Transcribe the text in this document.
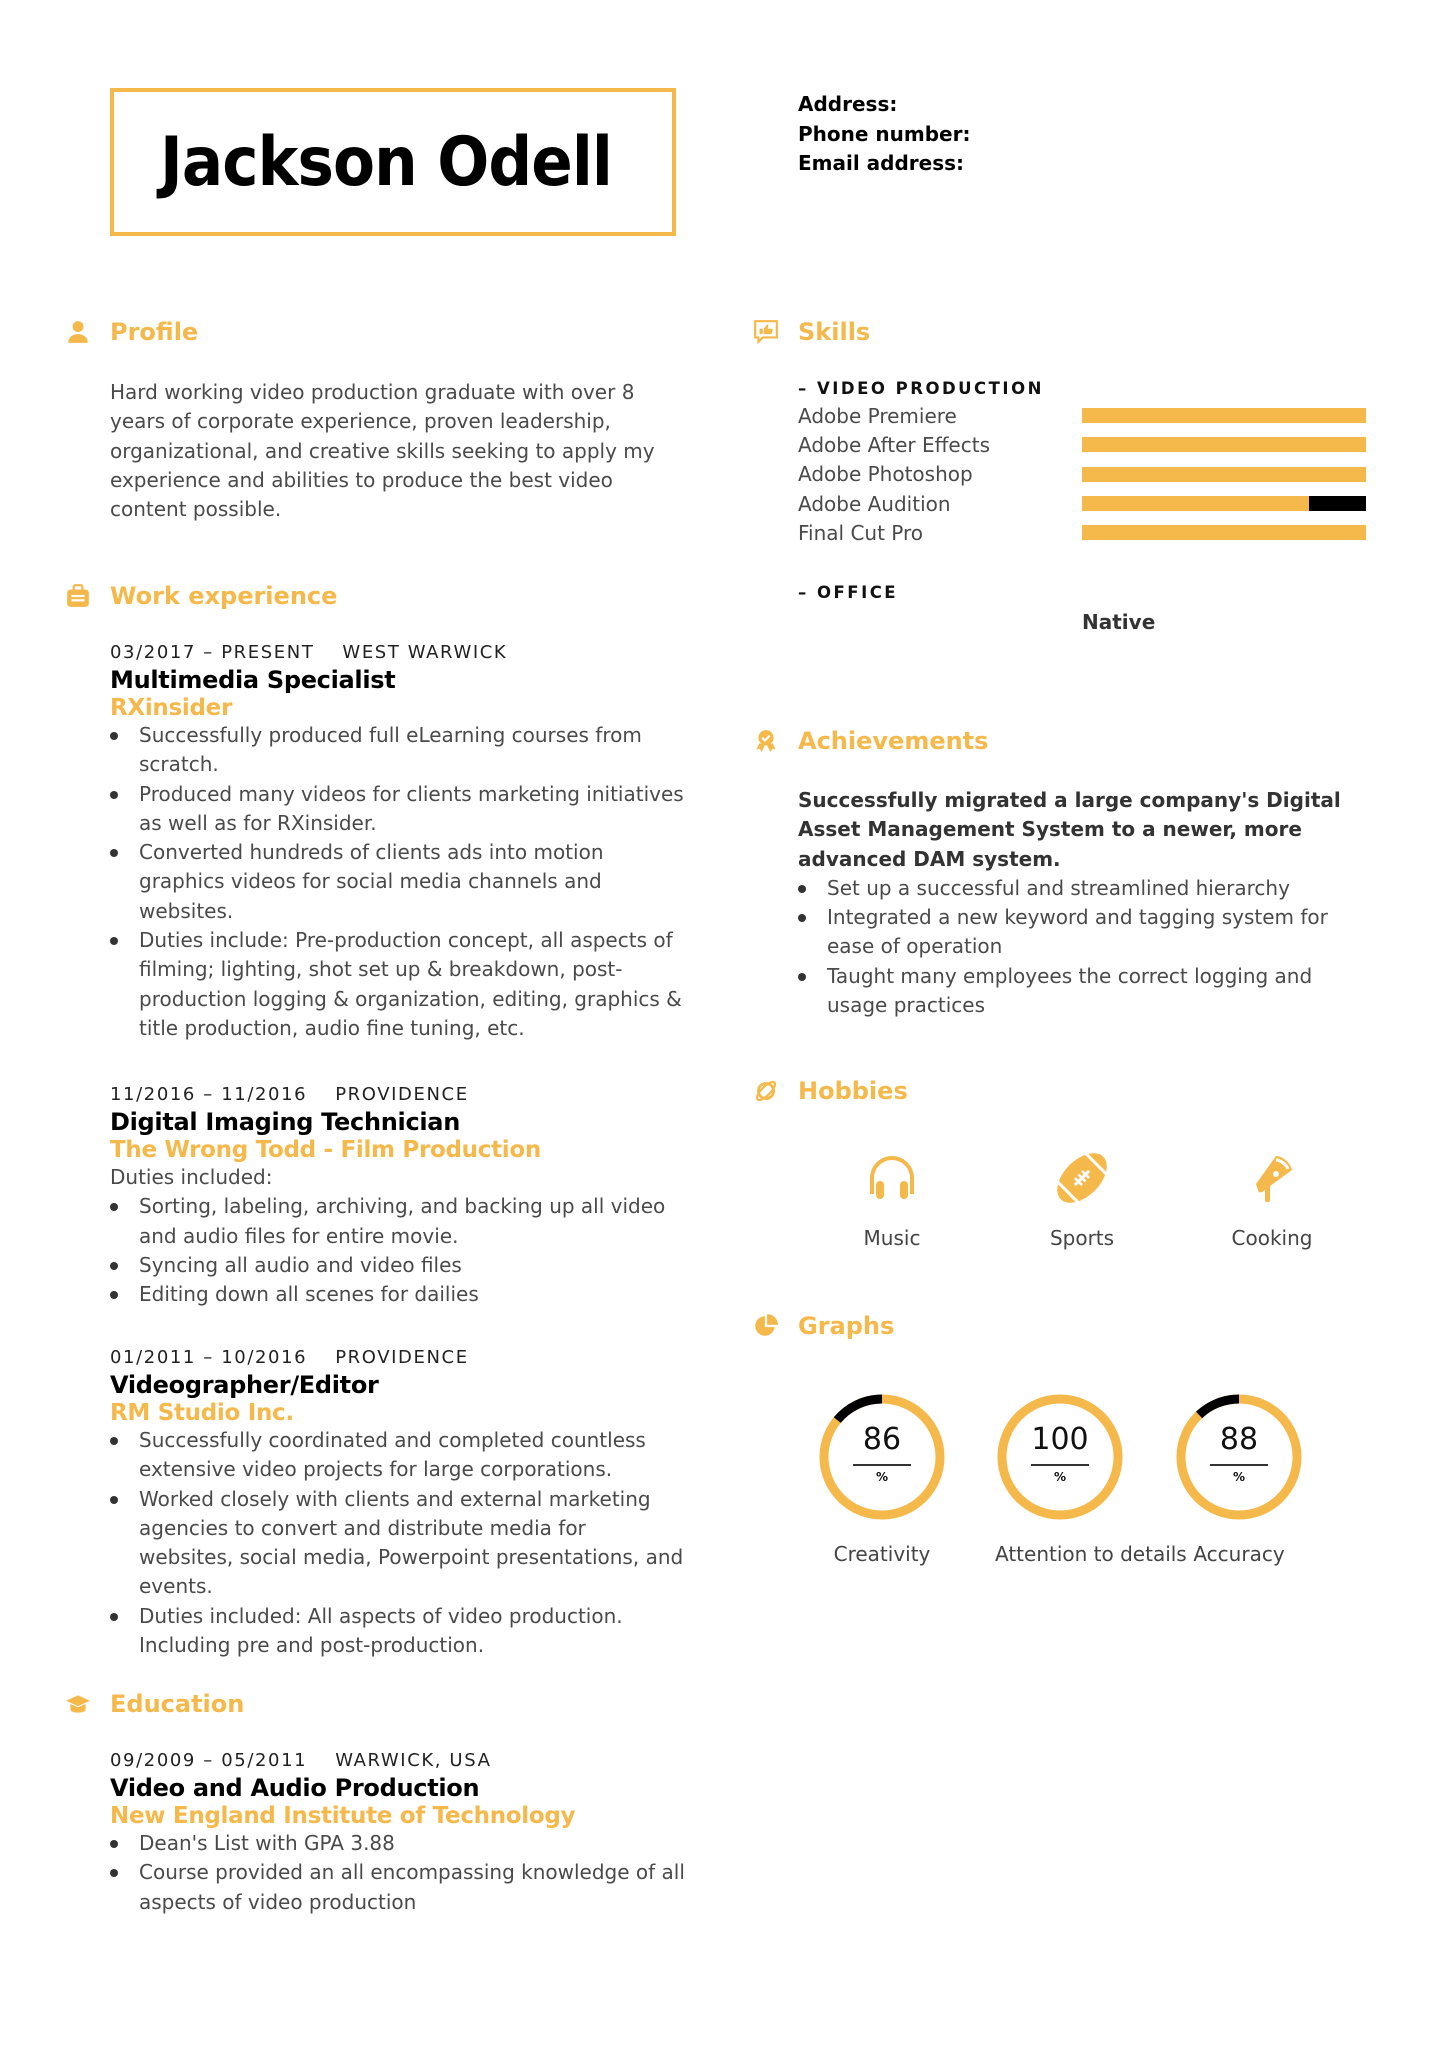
Jackson Odell
Address:
Phone number:
Email address:
Profile
Hard working video production graduate with over 8 years of corporate experience, proven leadership, organizational, and creative skills seeking to apply my experience and abilities to produce the best video content possible.
Work experience
03/2017 – PRESENT WEST WARWICK
Multimedia Specialist
RXinsider
Successfully produced full eLearning courses from scratch.
Produced many videos for clients marketing initiatives as well as for RXinsider.
Converted hundreds of clients ads into motion graphics videos for social media channels and websites.
Duties include: Pre-production concept, all aspects of filming; lighting, shot set up & breakdown, post-production logging & organization, editing, graphics & title production, audio fine tuning, etc.
11/2016 – 11/2016 PROVIDENCE
Digital Imaging Technician
The Wrong Todd - Film Production
Duties included:
Sorting, labeling, archiving, and backing up all video and audio files for entire movie.
Syncing all audio and video files
Editing down all scenes for dailies
01/2011 – 10/2016 PROVIDENCE
Videographer/Editor
RM Studio Inc.
Successfully coordinated and completed countless extensive video projects for large corporations.
Worked closely with clients and external marketing agencies to convert and distribute media for websites, social media, Powerpoint presentations, and events.
Duties included: All aspects of video production. Including pre and post-production.
Education
09/2009 – 05/2011 WARWICK, USA
Video and Audio Production
New England Institute of Technology
Dean's List with GPA 3.88
Course provided an all encompassing knowledge of all aspects of video production
Skills
– VIDEO PRODUCTION
Adobe Premiere
Adobe After Effects
Adobe Photoshop
Adobe Audition
Final Cut Pro
– OFFICE
Native
Achievements
Successfully migrated a large company's Digital Asset Management System to a newer, more advanced DAM system.
Set up a successful and streamlined hierarchy
Integrated a new keyword and tagging system for ease of operation
Taught many employees the correct logging and usage practices
Hobbies
Music	Sports	Cooking
Graphs
86
%
Creativity
100
%
Attention to details
88
%
Accuracy
